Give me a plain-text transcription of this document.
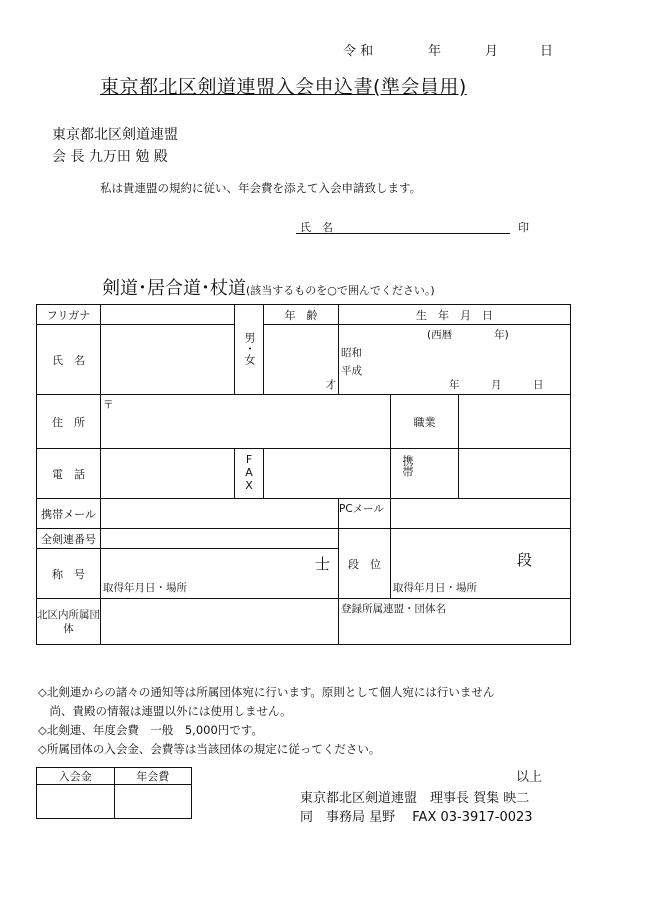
令 和	年	月	日
東京都北区剣道連盟入会申込書(準会員用)
東京都北区剣道連盟
会 長 九万田 勉 殿
私は貴連盟の規約に従い、年会費を添えて入会申請致します。
氏　名	印
剣道･居合道･杖道(該当するものを○で囲んでください。)
フリガナ		男・女	年　齢	生　年　月　日		
氏　名			才	(西暦　　　　年)
昭和
平成
年　　　月　　　日		

住　所	〒				職業	
電　話		FAX			携帯	

携帯メール				PCメール		

全剣連番号				段　位	段
取得年月日・場所	

称　号	士
取得年月日・場所					

北区内所属団体				登録所属連盟・団体名		
◇北剣連からの諸々の通知等は所属団体宛に行います。原則として個人宛には行いません
　尚、貴殿の情報は連盟以外には使用しません。
◇北剣連、年度会費　一般　5,000円です。
◇所属団体の入会金、会費等は当該団体の規定に従ってください。
入会金	年会費
		以上
東京都北区剣道連盟　理事長 賀集 映二
同　事務局 星野　 FAX 03-3917-0023
